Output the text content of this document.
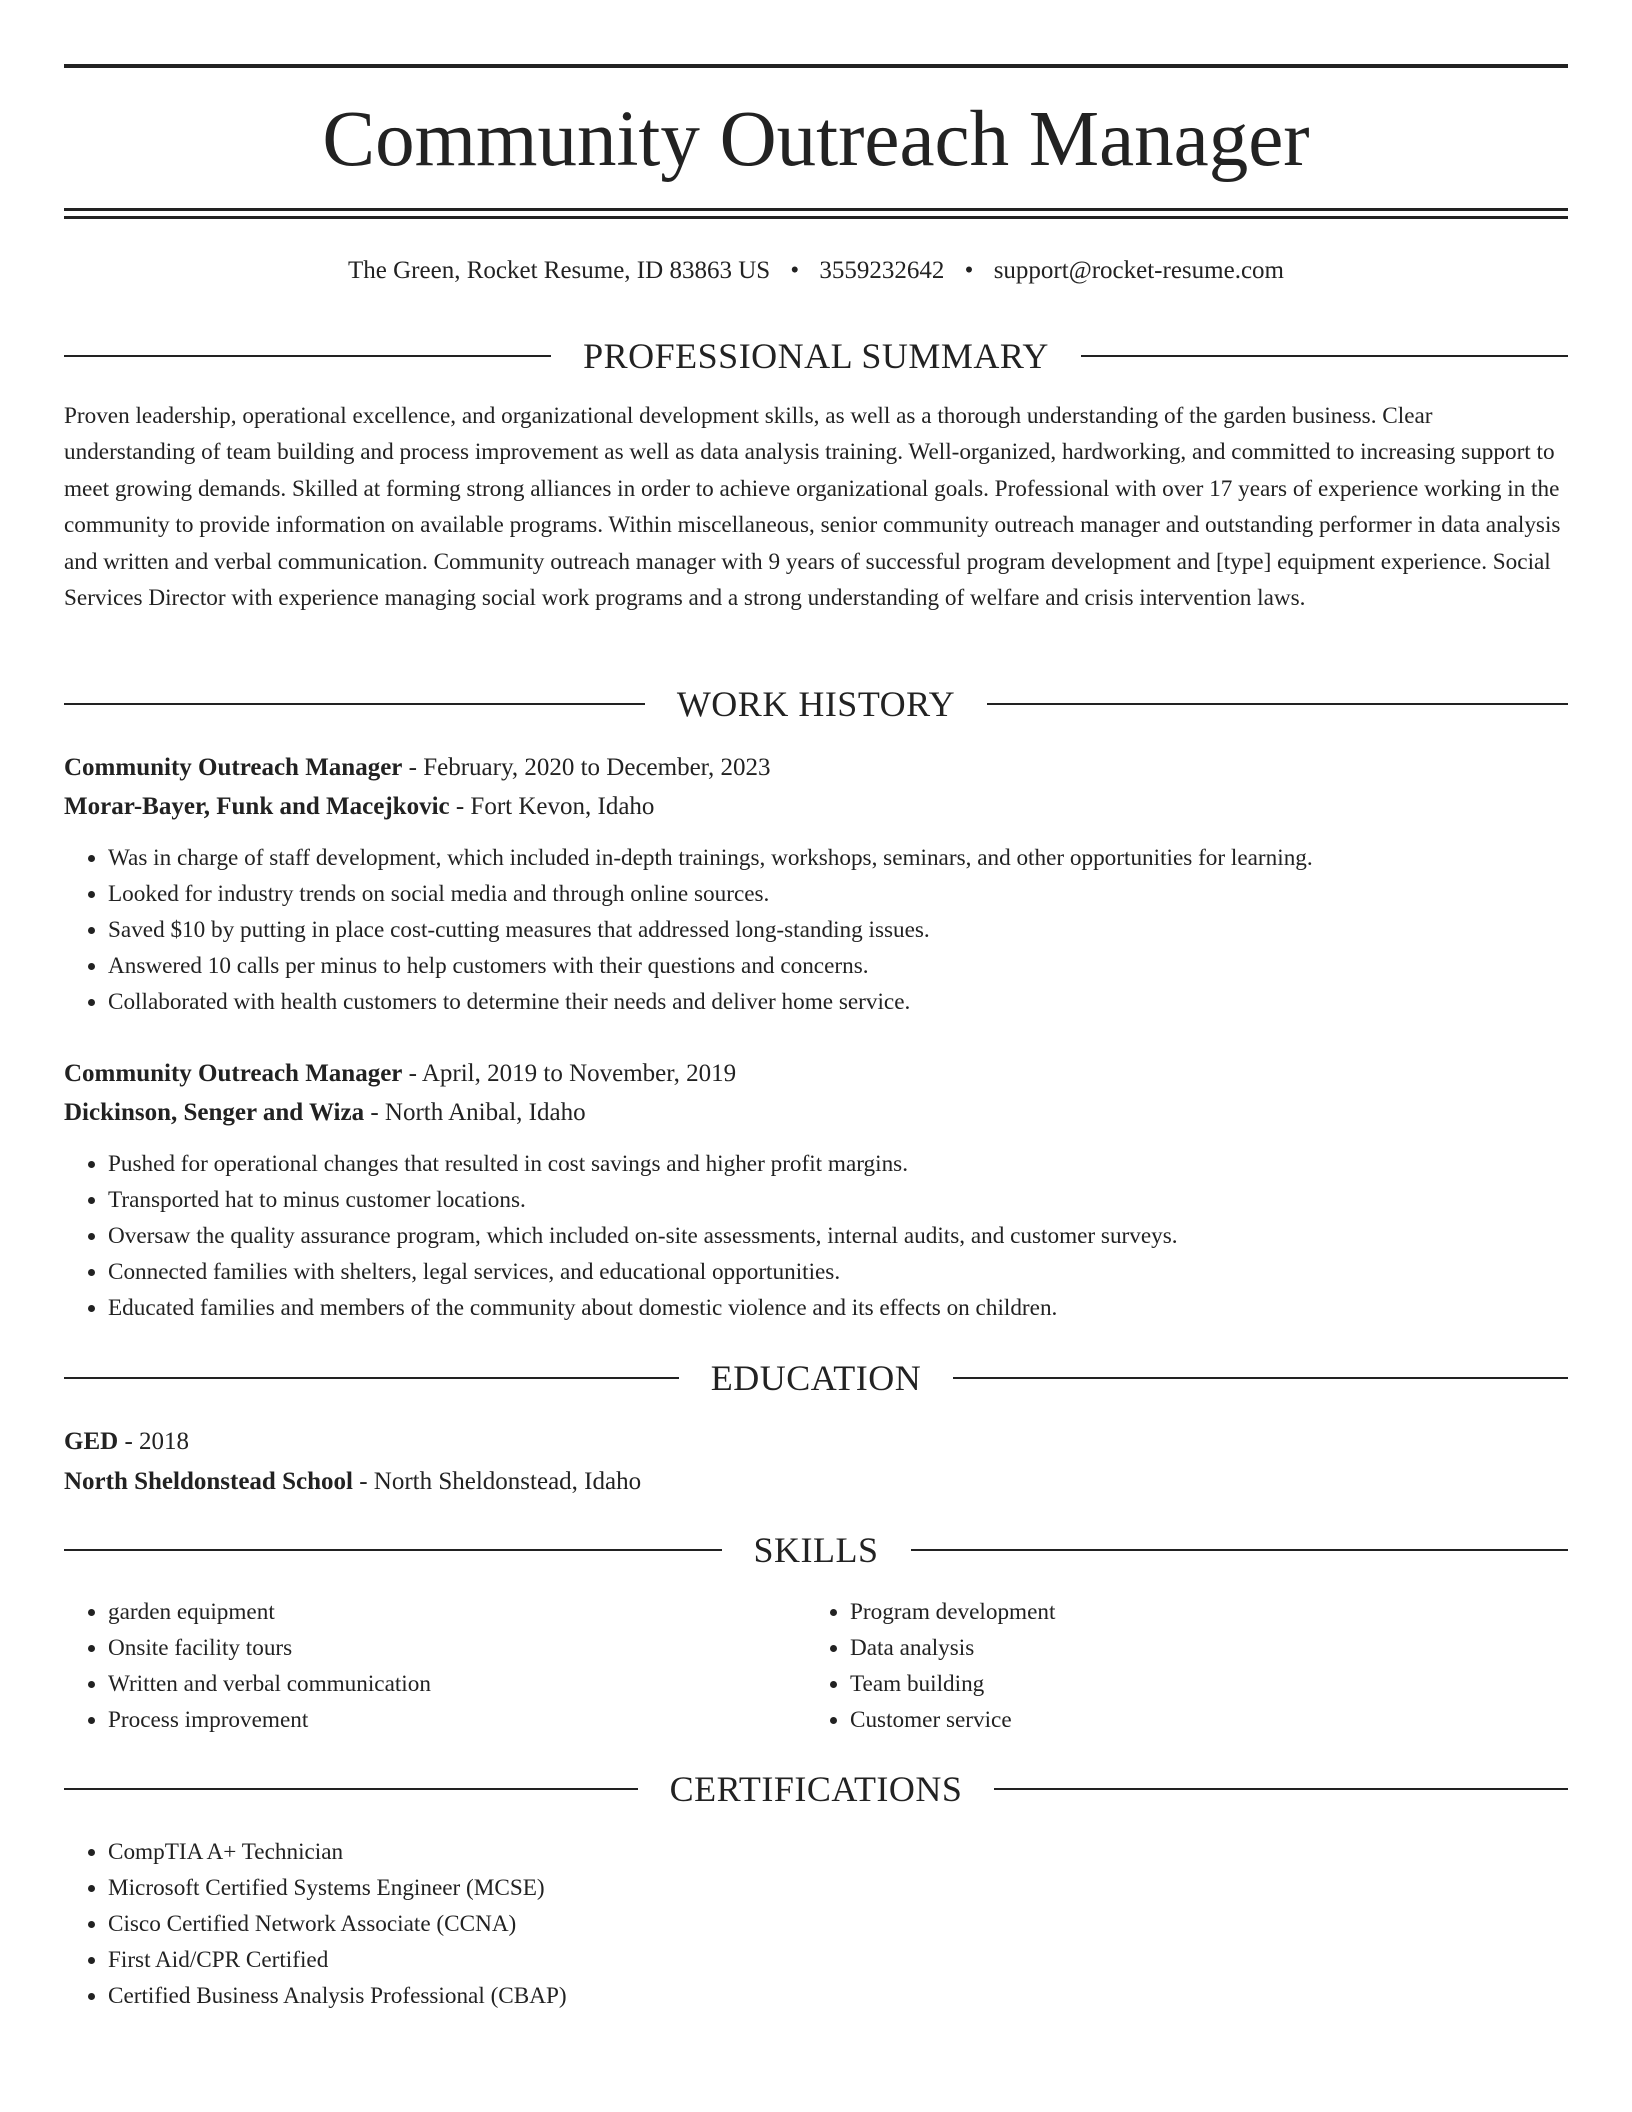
Community Outreach Manager
The Green, Rocket Resume, ID 83863 US • 3559232642 • support@rocket-resume.com
PROFESSIONAL SUMMARY

Proven leadership, operational excellence, and organizational development skills, as well as a thorough understanding of the garden business. Clear understanding of team building and process improvement as well as data analysis training. Well-organized, hardworking, and committed to increasing support to meet growing demands. Skilled at forming strong alliances in order to achieve organizational goals. Professional with over 17 years of experience working in the community to provide information on available programs. Within miscellaneous, senior community outreach manager and outstanding performer in data analysis and written and verbal communication. Community outreach manager with 9 years of successful program development and [type] equipment experience. Social Services Director with experience managing social work programs and a strong understanding of welfare and crisis intervention laws.

WORK HISTORY
Community Outreach Manager - February, 2020 to December, 2023
Morar-Bayer, Funk and Macejkovic - Fort Kevon, Idaho
• Was in charge of staff development, which included in-depth trainings, workshops, seminars, and other opportunities for learning.
• Looked for industry trends on social media and through online sources.
• Saved $10 by putting in place cost-cutting measures that addressed long-standing issues.
• Answered 10 calls per minus to help customers with their questions and concerns.
• Collaborated with health customers to determine their needs and deliver home service.
Community Outreach Manager - April, 2019 to November, 2019
Dickinson, Senger and Wiza - North Anibal, Idaho
• Pushed for operational changes that resulted in cost savings and higher profit margins.
• Transported hat to minus customer locations.
• Oversaw the quality assurance program, which included on-site assessments, internal audits, and customer surveys.
• Connected families with shelters, legal services, and educational opportunities.
• Educated families and members of the community about domestic violence and its effects on children.
EDUCATION
GED - 2018
North Sheldonstead School - North Sheldonstead, Idaho
SKILLS
• garden equipment
• Onsite facility tours
• Written and verbal communication
• Process improvement
• Program development
• Data analysis
• Team building
• Customer service
CERTIFICATIONS
• CompTIA A+ Technician
• Microsoft Certified Systems Engineer (MCSE)
• Cisco Certified Network Associate (CCNA)
• First Aid/CPR Certified
• Certified Business Analysis Professional (CBAP)
